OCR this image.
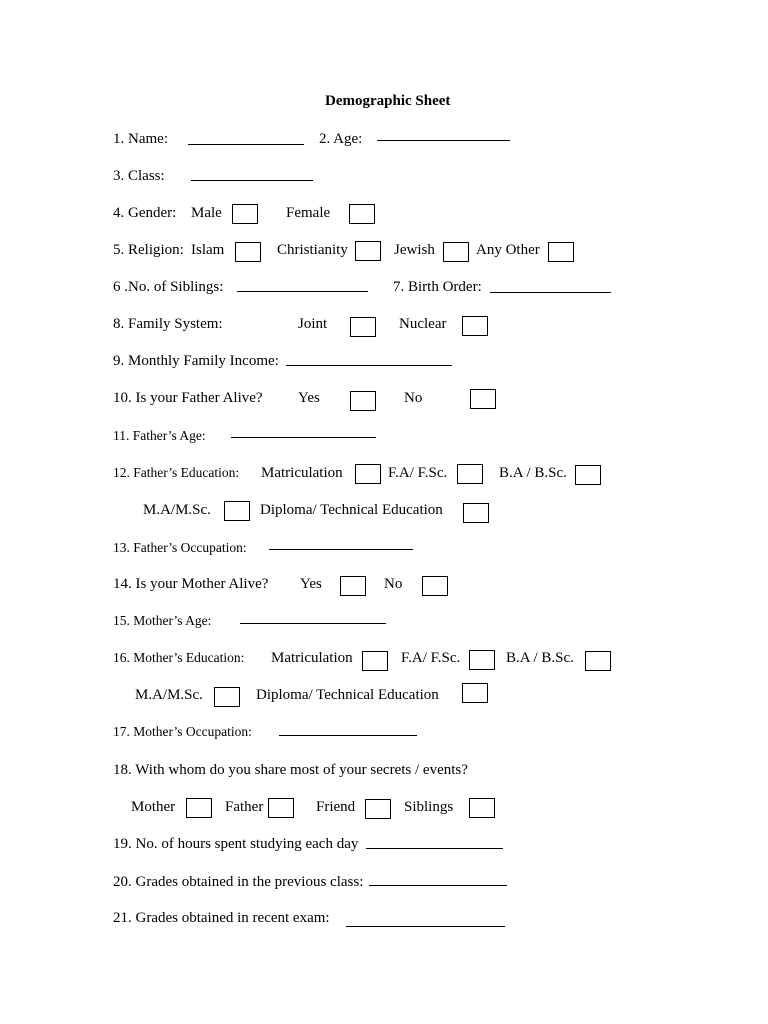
Demographic Sheet
1. Name:	2. Age:
3. Class:
4. Gender: Male	Female
5. Religion: Islam	Christianity	Jewish	Any Other
6 .No. of Siblings:	7. Birth Order:
8. Family System:	Joint	Nuclear
9. Monthly Family Income:
10. Is your Father Alive? Yes	No
11. Father’s Age:
12. Father’s Education: Matriculation	F.A/ F.Sc.	B.A / B.Sc.
M.A/M.Sc.	Diploma/ Technical Education
13. Father’s Occupation:
14. Is your Mother Alive? Yes	No
15. Mother’s Age:
16. Mother’s Education: Matriculation	F.A/ F.Sc.	B.A / B.Sc.
M.A/M.Sc.	Diploma/ Technical Education
17. Mother’s Occupation:
18. With whom do you share most of your secrets / events?
Mother	Father	Friend	Siblings
19. No. of hours spent studying each day
20. Grades obtained in the previous class:
21. Grades obtained in recent exam:
